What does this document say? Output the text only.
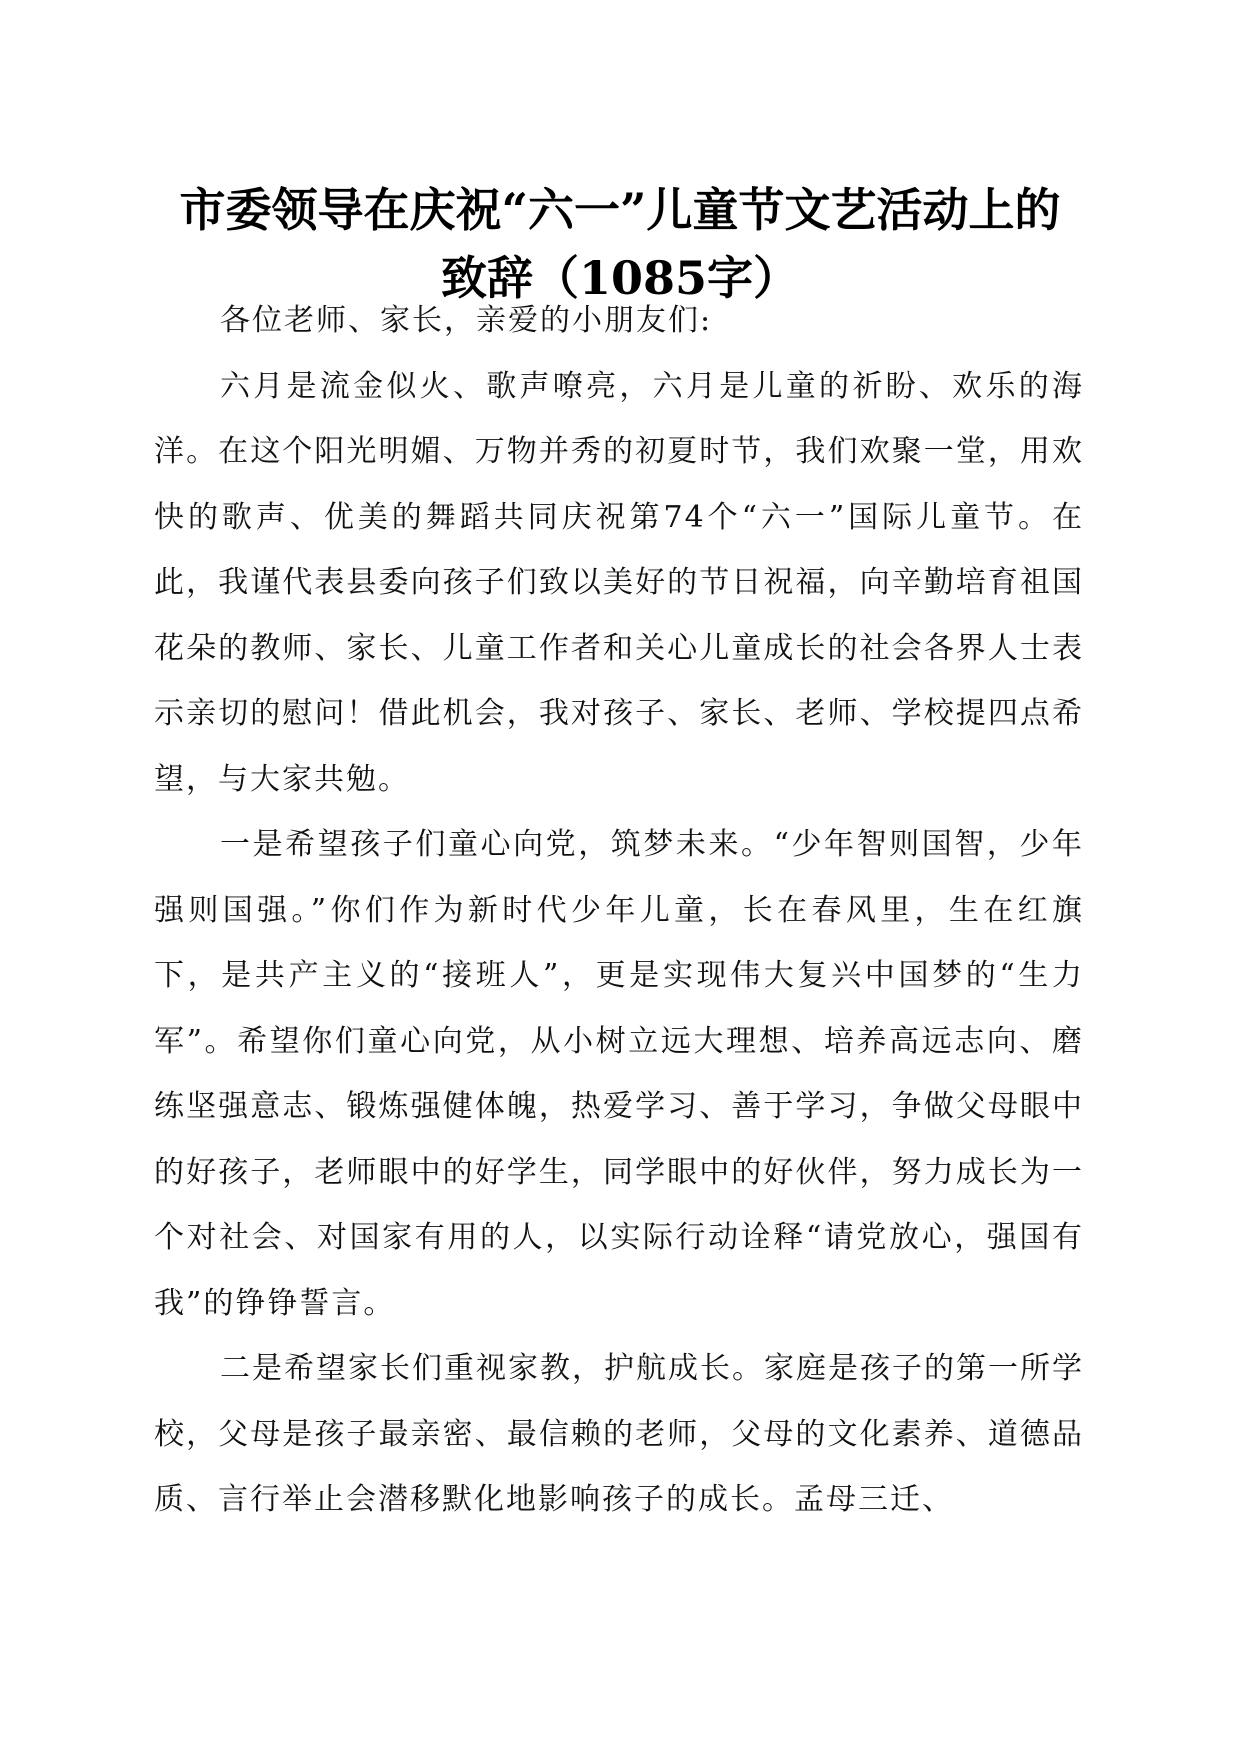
市委领导在庆祝“六一”儿童节文艺活动上的
致辞（1085字）

各位老师、家长，亲爱的小朋友们:

六月是流金似火、歌声嘹亮，六月是儿童的祈盼、欢乐的海洋。在这个阳光明媚、万物并秀的初夏时节，我们欢聚一堂，用欢快的歌声、优美的舞蹈共同庆祝第74个“六一”国际儿童节。在此，我谨代表县委向孩子们致以美好的节日祝福，向辛勤培育祖国花朵的教师、家长、儿童工作者和关心儿童成长的社会各界人士表示亲切的慰问！借此机会，我对孩子、家长、老师、学校提四点希望，与大家共勉。

一是希望孩子们童心向党，筑梦未来。“少年智则国智，少年强则国强。”你们作为新时代少年儿童，长在春风里，生在红旗下，是共产主义的“接班人”，更是实现伟大复兴中国梦的“生力军”。希望你们童心向党，从小树立远大理想、培养高远志向、磨练坚强意志、锻炼强健体魄，热爱学习、善于学习，争做父母眼中的好孩子，老师眼中的好学生，同学眼中的好伙伴，努力成长为一个对社会、对国家有用的人，以实际行动诠释“请党放心，强国有我”的铮铮誓言。

二是希望家长们重视家教，护航成长。家庭是孩子的第一所学校，父母是孩子最亲密、最信赖的老师，父母的文化素养、道德品质、言行举止会潜移默化地影响孩子的成长。孟母三迁、
